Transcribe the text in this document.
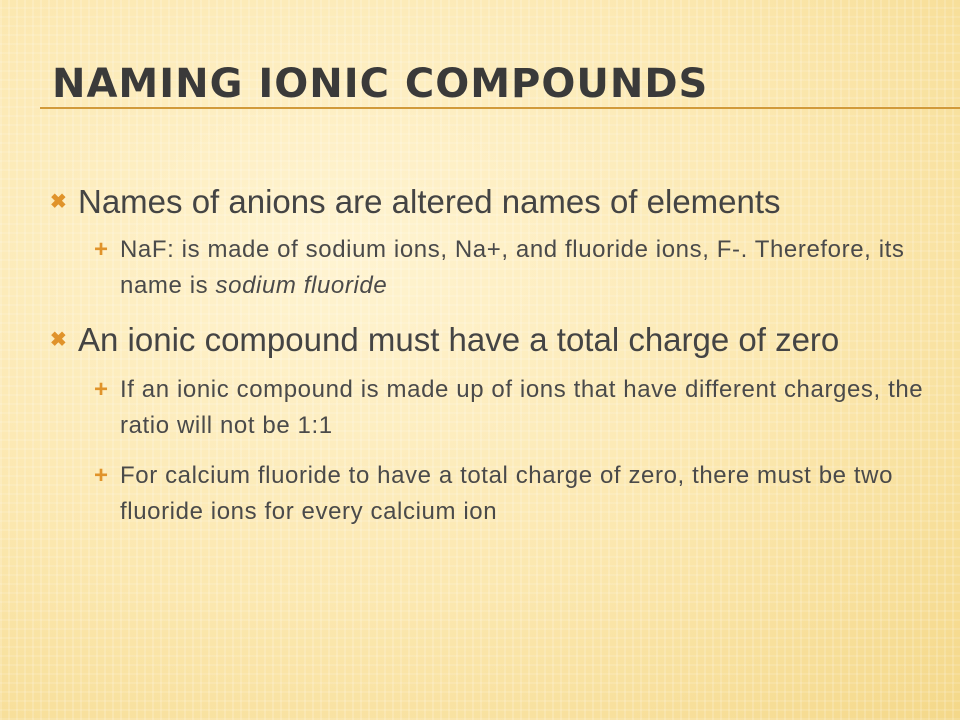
NAMING IONIC COMPOUNDS
✖ Names of anions are altered names of elements
+ NaF: is made of sodium ions, Na+, and fluoride ions, F-. Therefore, its name is sodium fluoride
✖ An ionic compound must have a total charge of zero
+ If an ionic compound is made up of ions that have different charges, the ratio will not be 1:1
+ For calcium fluoride to have a total charge of zero, there must be two fluoride ions for every calcium ion
